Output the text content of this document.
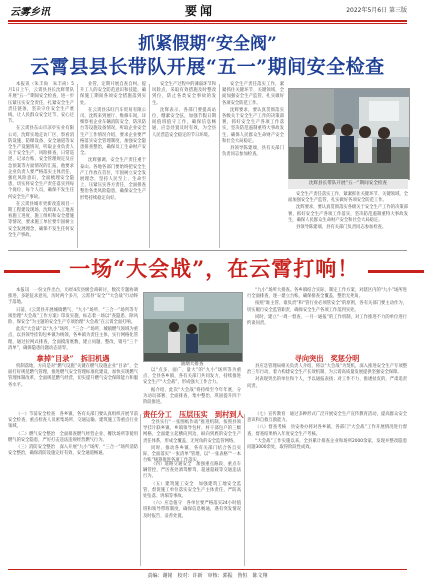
云雾乡讯	要闻	2022年5月6日 第三版
抓紧假期“安全阀”
云霄县县长带队开展“五一”期间安全检查

本报讯（朱丰尚　朱丰尚）5月1日上午，云霄县县长沈辉带队开展“五一”期间安全检查，进一步压紧压实安全责任，扎紧安全生产责任链条，坚决守住安全生产底线，让人民群众安全过节、安心过节。

在云霄县东山市凉亭实业有限公司，沈辉实地走访厂区，察看消防设施、防爆设备、安全通道等安全生产设施情况，听取企业负责人关于安全生产、风险排查、日常巡逻、记录台账、安全管理规定及应急预案等方面情况的汇报，他要求企业负责人要严格落实主体责任、强化风险意识，全面梳理安全隐患，切实将安全生产责任落实到每个岗位、每个人员，确保不发生任何安全生产事故。

在云霄县城市更新改造项目一期工程建设现场，沈辉深入工地查看施工进度、施工组织和安全措施等情况，要求施工单位要牢固树立安全发展理念，确保不发生任何安全生产事故。

业管，定期开展自查自纠，提升工人的安全防范意识和技能，确保施工期间各项安全措施落到实处。

在云霄县乐旺汽车贸易有限公司，沈辉来到展厅、维修车间，详细察看企业车辆消防安全、防汛防台等设施设备情况，听取企业安全生产工作情况介绍，要求企业要严格落实安全管理制度，加强安全隐患排查整治，确保员工生命财产安全。

沈辉强调，安全生产责任重于泰山。各地各部门要始终把安全生产工作放在首位，牢固树立安全发展理念，坚持人民至上、生命至上，压紧压实各方责任，全面排查整治各类风险隐患，确保安全生产形势持续稳定向好。

安全生产过程中的薄弱环节和风险点，采取有效措施及时整改到位，防止各类安全事故的发生。

沈辉表示，各部门要提高站位，绷紧安全弦，加强节假日期间值班值守工作，确保信息畅通、应急处置及时有效，为全县人民营造安全稳定的节日环境。

安全生产责任落实工作，紧紧抓住关键环节、关键领域，全面加强安全生产监管，扎实做好各项安全防范工作。

沈辉要求，要认真贯彻落实各级关于安全生产工作的决策部署，抓好安全生产各项工作落实，坚决防范遏制重特大事故发生，确保人民群众生命财产安全和社会大局稳定。

县领导陈建端、县有关部门负责同志参加检查。

安全生产责任落实工作，紧紧抓住关键环节、关键领域，全面加强安全生产监管，扎实做好各项安全防范工作。

沈辉要求，要认真贯彻落实各级关于安全生产工作的决策部署，抓好安全生产各项工作落实，坚决防范遏制重特大事故发生，确保人民群众生命财产安全和社会大局稳定。

县领导陈建端、县有关部门负责同志参加检查。

沈辉县长带队开展“五一”期间安全检查
一场“大会战”，在云霄打响！

本报讯　一份文件出台，历经4次县级会商研讨，数次专题协调推进，多轮征求意见，历时两个多月，云霄县“安全”“大会战”行动终于落地。

日前，《云霄县开展城镇燃气、“九小”场所、“三合一”场所等专项治理“大会战”工作方案》印发实施，标志着一场以“查隐患、除风险、保安全”为主题的安全生产专项治理“大会战”在云霄全面打响。

此次“大会战”以“九小”场所、“三合一”场所、城镇燃气领域为重点，以县领导挂钩包乡镇为统领，各乡镇为责任主体，实行网格化管理，通过拉网式排查，全面摸清底数，建立问题、整改、销号“三个清单”，确保隐患问题动态清零。

拿掉“目录”　拆旧机遇

机制落地，方向是对“燃气设施”关键在燃气设施企业“目录”，全面打好规范燃气管理，推进燃气安全管理标准化建设，加快实现燃气管理体制改革，全面规范燃气经营，切实提升燃气安全保障能力和服务水平。

油烟大排查

以“点多、面广、量大”的“九小”场所等为重点，全县各乡镇、各有关部门共同发力，持续推进安全生产“大会战”，形成强大工作合力。

据介绍，此次“大会战”将持续至今年年底，分为动员部署、全面排查、集中整治、巩固提升四个阶段推进。

“九小”场所大排查。各乡镇结合实际，制定工作方案，对辖区内的“九小”场所进行全面排查，逐一建立台账，确保排查全覆盖、整治无死角。

按照“谁主管、谁负责”和“管行业必须管安全”的原则，各有关部门要主动作为，切实履行安全监管职责，确保安全生产各项工作落到实处。

同时，建立“一周一督查、一月一通报”的工作机制，对工作推进不力的单位进行约谈问责。

寻向突出　奖惩分明

县应急管理局相关负责人介绍，将以“大会战”为契机，深入推进安全生产专项整治三年行动，着力构建安全生产长效机制，为云霄高质量发展提供坚强安全保障。

对表现突出的单位和个人，予以通报表扬；对工作不力、推诿扯皮的，严肃追责问责。

责任分工　压层压实　到村到人

全县实行“一张图纸作战”推进机制，按照县领导挂片联乡镇、乡镇领导包村、村干部包户的三级网格，全面建立起横向到边、纵向到底的安全生产责任体系，形成全覆盖、无死角的安全监管网络。

同时，推动各乡镇、各有关部门结合各自实际，全面落实“一张清单”管理，以“一张表格”“一本台账”统筹推进各项工作落实。

（一）节前安全检查　各乡镇、各有关部门要认真组织开展节前安全检查，重点检查人员密集场所、交通运输、建筑施工等重点行业领域。

（二）燃气安全整治　全面排查燃气经营企业、餐饮场所等使用燃气的安全隐患，严厉打击违法违规经营燃气行为。

（三）消防安全整治　深入开展“九小”场所、“三合一”场所消防安全整治，确保消防设施完好有效，安全通道畅通。

（四）道路交通安全　加强重点路段、重点车辆管控，严厉查处酒驾醉驾、超速超载等交通违法行为。

（五）建筑施工安全　加强建筑工地安全监管，督促施工单位落实安全生产主体责任，严防高处坠落、坍塌等事故。

（六）应急值守　各单位要严格落实24小时值班和领导带班制度，确保信息畅通，遇有突发情况及时报告、妥善处置。

（七）宣传教育　通过多种形式广泛开展安全生产宣传教育活动，提高群众安全意识和自救互救能力。

（八）督查考核　县安委办将对各乡镇、各部门“大会战”工作开展情况进行督查，督查结果纳入年度安全生产考核。

“大会战”工作实施以来，全县累计排查企业和场所2000余家，发现并整改隐患问题3000余处，取得阶段性成效。

责编：谢铭　校对：许新　审核：郭振　鲁恒　陈文翔
